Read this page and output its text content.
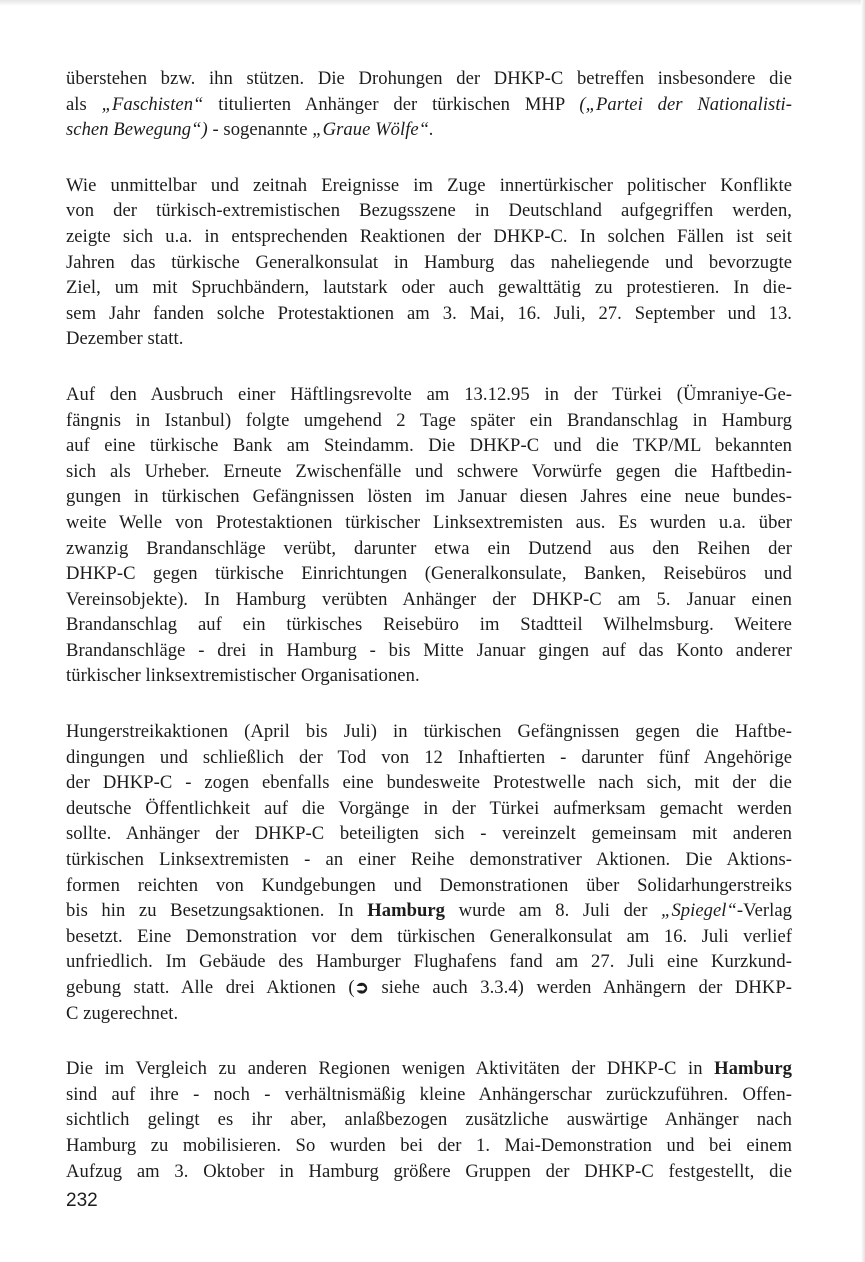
überstehen bzw. ihn stützen. Die Drohungen der DHKP-C betreffen insbesondere die
als „Faschisten“ titulierten Anhänger der türkischen MHP („Partei der Nationalisti-
schen Bewegung“) - sogenannte „Graue Wölfe“.

Wie unmittelbar und zeitnah Ereignisse im Zuge innertürkischer politischer Konflikte
von der türkisch-extremistischen Bezugsszene in Deutschland aufgegriffen werden,
zeigte sich u.a. in entsprechenden Reaktionen der DHKP-C. In solchen Fällen ist seit
Jahren das türkische Generalkonsulat in Hamburg das naheliegende und bevorzugte
Ziel, um mit Spruchbändern, lautstark oder auch gewalttätig zu protestieren. In die-
sem Jahr fanden solche Protestaktionen am 3. Mai, 16. Juli, 27. September und 13.
Dezember statt.

Auf den Ausbruch einer Häftlingsrevolte am 13.12.95 in der Türkei (Ümraniye-Ge-
fängnis in Istanbul) folgte umgehend 2 Tage später ein Brandanschlag in Hamburg
auf eine türkische Bank am Steindamm. Die DHKP-C und die TKP/ML bekannten
sich als Urheber. Erneute Zwischenfälle und schwere Vorwürfe gegen die Haftbedin-
gungen in türkischen Gefängnissen lösten im Januar diesen Jahres eine neue bundes-
weite Welle von Protestaktionen türkischer Linksextremisten aus. Es wurden u.a. über
zwanzig Brandanschläge verübt, darunter etwa ein Dutzend aus den Reihen der
DHKP-C gegen türkische Einrichtungen (Generalkonsulate, Banken, Reisebüros und
Vereinsobjekte). In Hamburg verübten Anhänger der DHKP-C am 5. Januar einen
Brandanschlag auf ein türkisches Reisebüro im Stadtteil Wilhelmsburg. Weitere
Brandanschläge - drei in Hamburg - bis Mitte Januar gingen auf das Konto anderer
türkischer linksextremistischer Organisationen.

Hungerstreikaktionen (April bis Juli) in türkischen Gefängnissen gegen die Haftbe-
dingungen und schließlich der Tod von 12 Inhaftierten - darunter fünf Angehörige
der DHKP-C - zogen ebenfalls eine bundesweite Protestwelle nach sich, mit der die
deutsche Öffentlichkeit auf die Vorgänge in der Türkei aufmerksam gemacht werden
sollte. Anhänger der DHKP-C beteiligten sich - vereinzelt gemeinsam mit anderen
türkischen Linksextremisten - an einer Reihe demonstrativer Aktionen. Die Aktions-
formen reichten von Kundgebungen und Demonstrationen über Solidarhungerstreiks
bis hin zu Besetzungsaktionen. In Hamburg wurde am 8. Juli der „Spiegel“-Verlag
besetzt. Eine Demonstration vor dem türkischen Generalkonsulat am 16. Juli verlief
unfriedlich. Im Gebäude des Hamburger Flughafens fand am 27. Juli eine Kurzkund-
gebung statt. Alle drei Aktionen (➲ siehe auch 3.3.4) werden Anhängern der DHKP-
C zugerechnet.

Die im Vergleich zu anderen Regionen wenigen Aktivitäten der DHKP-C in Hamburg
sind auf ihre - noch - verhältnismäßig kleine Anhängerschar zurückzuführen. Offen-
sichtlich gelingt es ihr aber, anlaßbezogen zusätzliche auswärtige Anhänger nach
Hamburg zu mobilisieren. So wurden bei der 1. Mai-Demonstration und bei einem
Aufzug am 3. Oktober in Hamburg größere Gruppen der DHKP-C festgestellt, die

232
